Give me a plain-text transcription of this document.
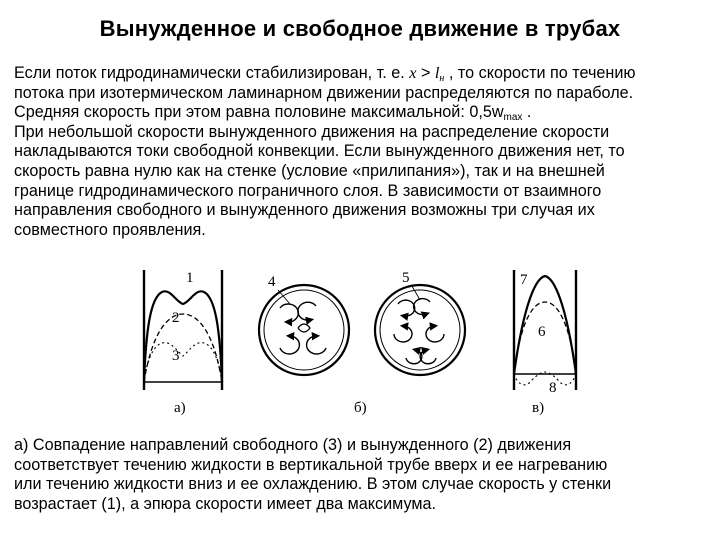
Вынужденное и свободное движение в трубах
Если поток гидродинамически стабилизирован, т. е. $x > l_н$ , то скорости по течению
потока при изотермическом ламинарном движении распределяются по параболе.
Средняя скорость при этом равна половине максимальной: $0,5w_{max}$ .
При небольшой скорости вынужденного движения на распределение скорости
накладываются токи свободной конвекции. Если вынужденного движения нет, то
скорость равна нулю как на стенке (условие «прилипания»), так и на внешней
границе гидродинамического пограничного слоя. В зависимости от взаимного
направления свободного и вынужденного движения возможны три случая их
совместного проявления.
1
2
3
а)
4	5
б)
7
6
8
в)
а) Совпадение направлений свободного (3) и вынужденного (2) движения
соответствует течению жидкости в вертикальной трубе вверх и ее нагреванию
или течению жидкости вниз и ее охлаждению. В этом случае скорость у стенки
возрастает (1), а эпюра скорости имеет два максимума.
